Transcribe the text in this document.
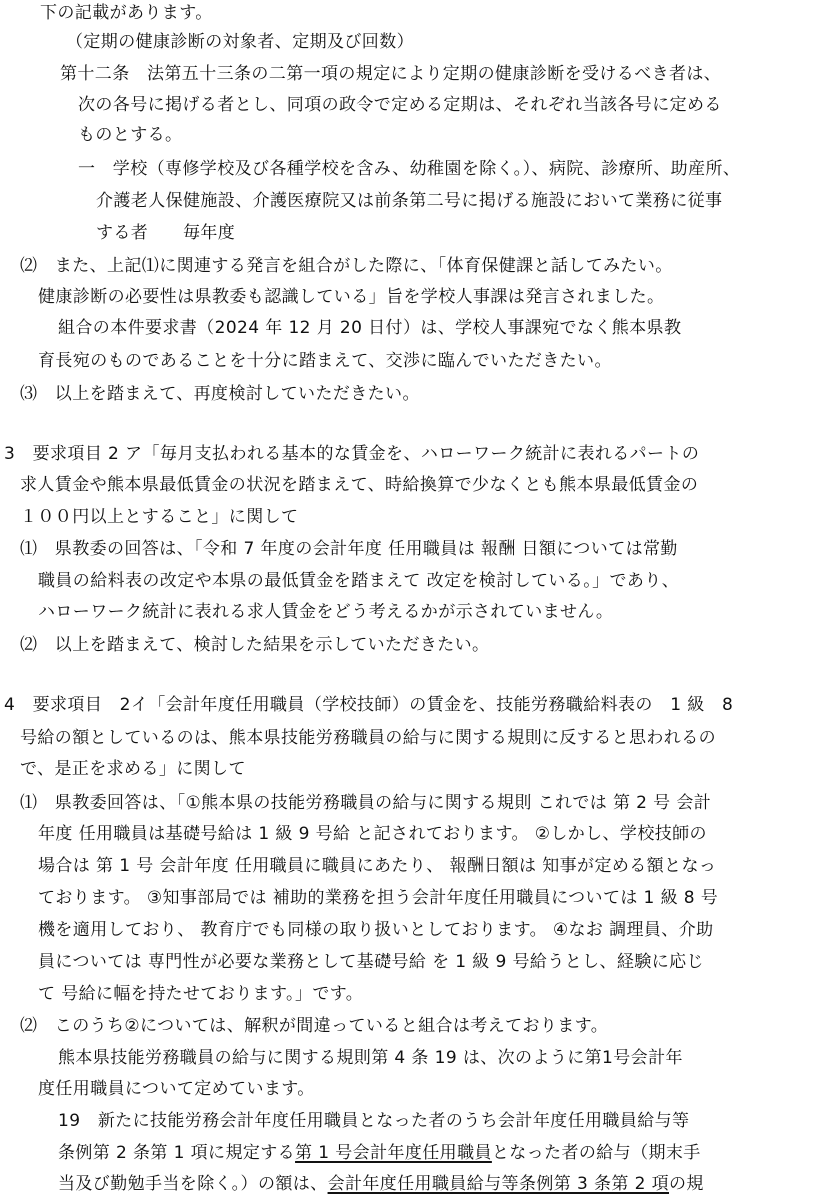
下の記載があります。
（定期の健康診断の対象者、定期及び回数）
第十二条　法第五十三条の二第一項の規定により定期の健康診断を受けるべき者は、
次の各号に掲げる者とし、同項の政令で定める定期は、それぞれ当該各号に定める
ものとする。
一　学校（専修学校及び各種学校を含み、幼稚園を除く。）、病院、診療所、助産所、
介護老人保健施設、介護医療院又は前条第二号に掲げる施設において業務に従事
する者　　毎年度
⑵　また、上記⑴に関連する発言を組合がした際に、「体育保健課と話してみたい。
健康診断の必要性は県教委も認識している」旨を学校人事課は発言されました。
組合の本件要求書（2024 年 12 月 20 日付）は、学校人事課宛でなく熊本県教
育長宛のものであることを十分に踏まえて、交渉に臨んでいただきたい。
⑶　以上を踏まえて、再度検討していただきたい。
3　要求項目 2 ア「毎月支払われる基本的な賃金を、ハローワーク統計に表れるパートの
求人賃金や熊本県最低賃金の状況を踏まえて、時給換算で少なくとも熊本県最低賃金の
１００円以上とすること」に関して
⑴　県教委の回答は、「令和 7 年度の会計年度 任用職員は 報酬 日額については常勤
職員の給料表の改定や本県の最低賃金を踏まえて 改定を検討している。」であり、
ハローワーク統計に表れる求人賃金をどう考えるかが示されていません。
⑵　以上を踏まえて、検討した結果を示していただきたい。
4　要求項目　2イ「会計年度任用職員（学校技師）の賃金を、技能労務職給料表の　1 級　8
号給の額としているのは、熊本県技能労務職員の給与に関する規則に反すると思われるの
で、是正を求める」に関して
⑴　県教委回答は、「①熊本県の技能労務職員の給与に関する規則 これでは 第 2 号 会計
年度 任用職員は基礎号給は 1 級 9 号給 と記されております。 ②しかし、学校技師の
場合は 第 1 号 会計年度 任用職員に職員にあたり、 報酬日額は 知事が定める額となっ
ております。 ③知事部局では 補助的業務を担う会計年度任用職員については 1 級 8 号
機を適用しており、 教育庁でも同様の取り扱いとしております。 ④なお 調理員、介助
員については 専門性が必要な業務として基礎号給 を 1 級 9 号給うとし、経験に応じ
て 号給に幅を持たせております。」です。
⑵　このうち②については、解釈が間違っていると組合は考えております。
熊本県技能労務職員の給与に関する規則第 4 条 19 は、次のように第1号会計年
度任用職員について定めています。
19　新たに技能労務会計年度任用職員となった者のうち会計年度任用職員給与等
条例第 2 条第 1 項に規定する第 1 号会計年度任用職員となった者の給与（期末手
当及び勤勉手当を除く。）の額は、会計年度任用職員給与等条例第 3 条第 2 項の規
